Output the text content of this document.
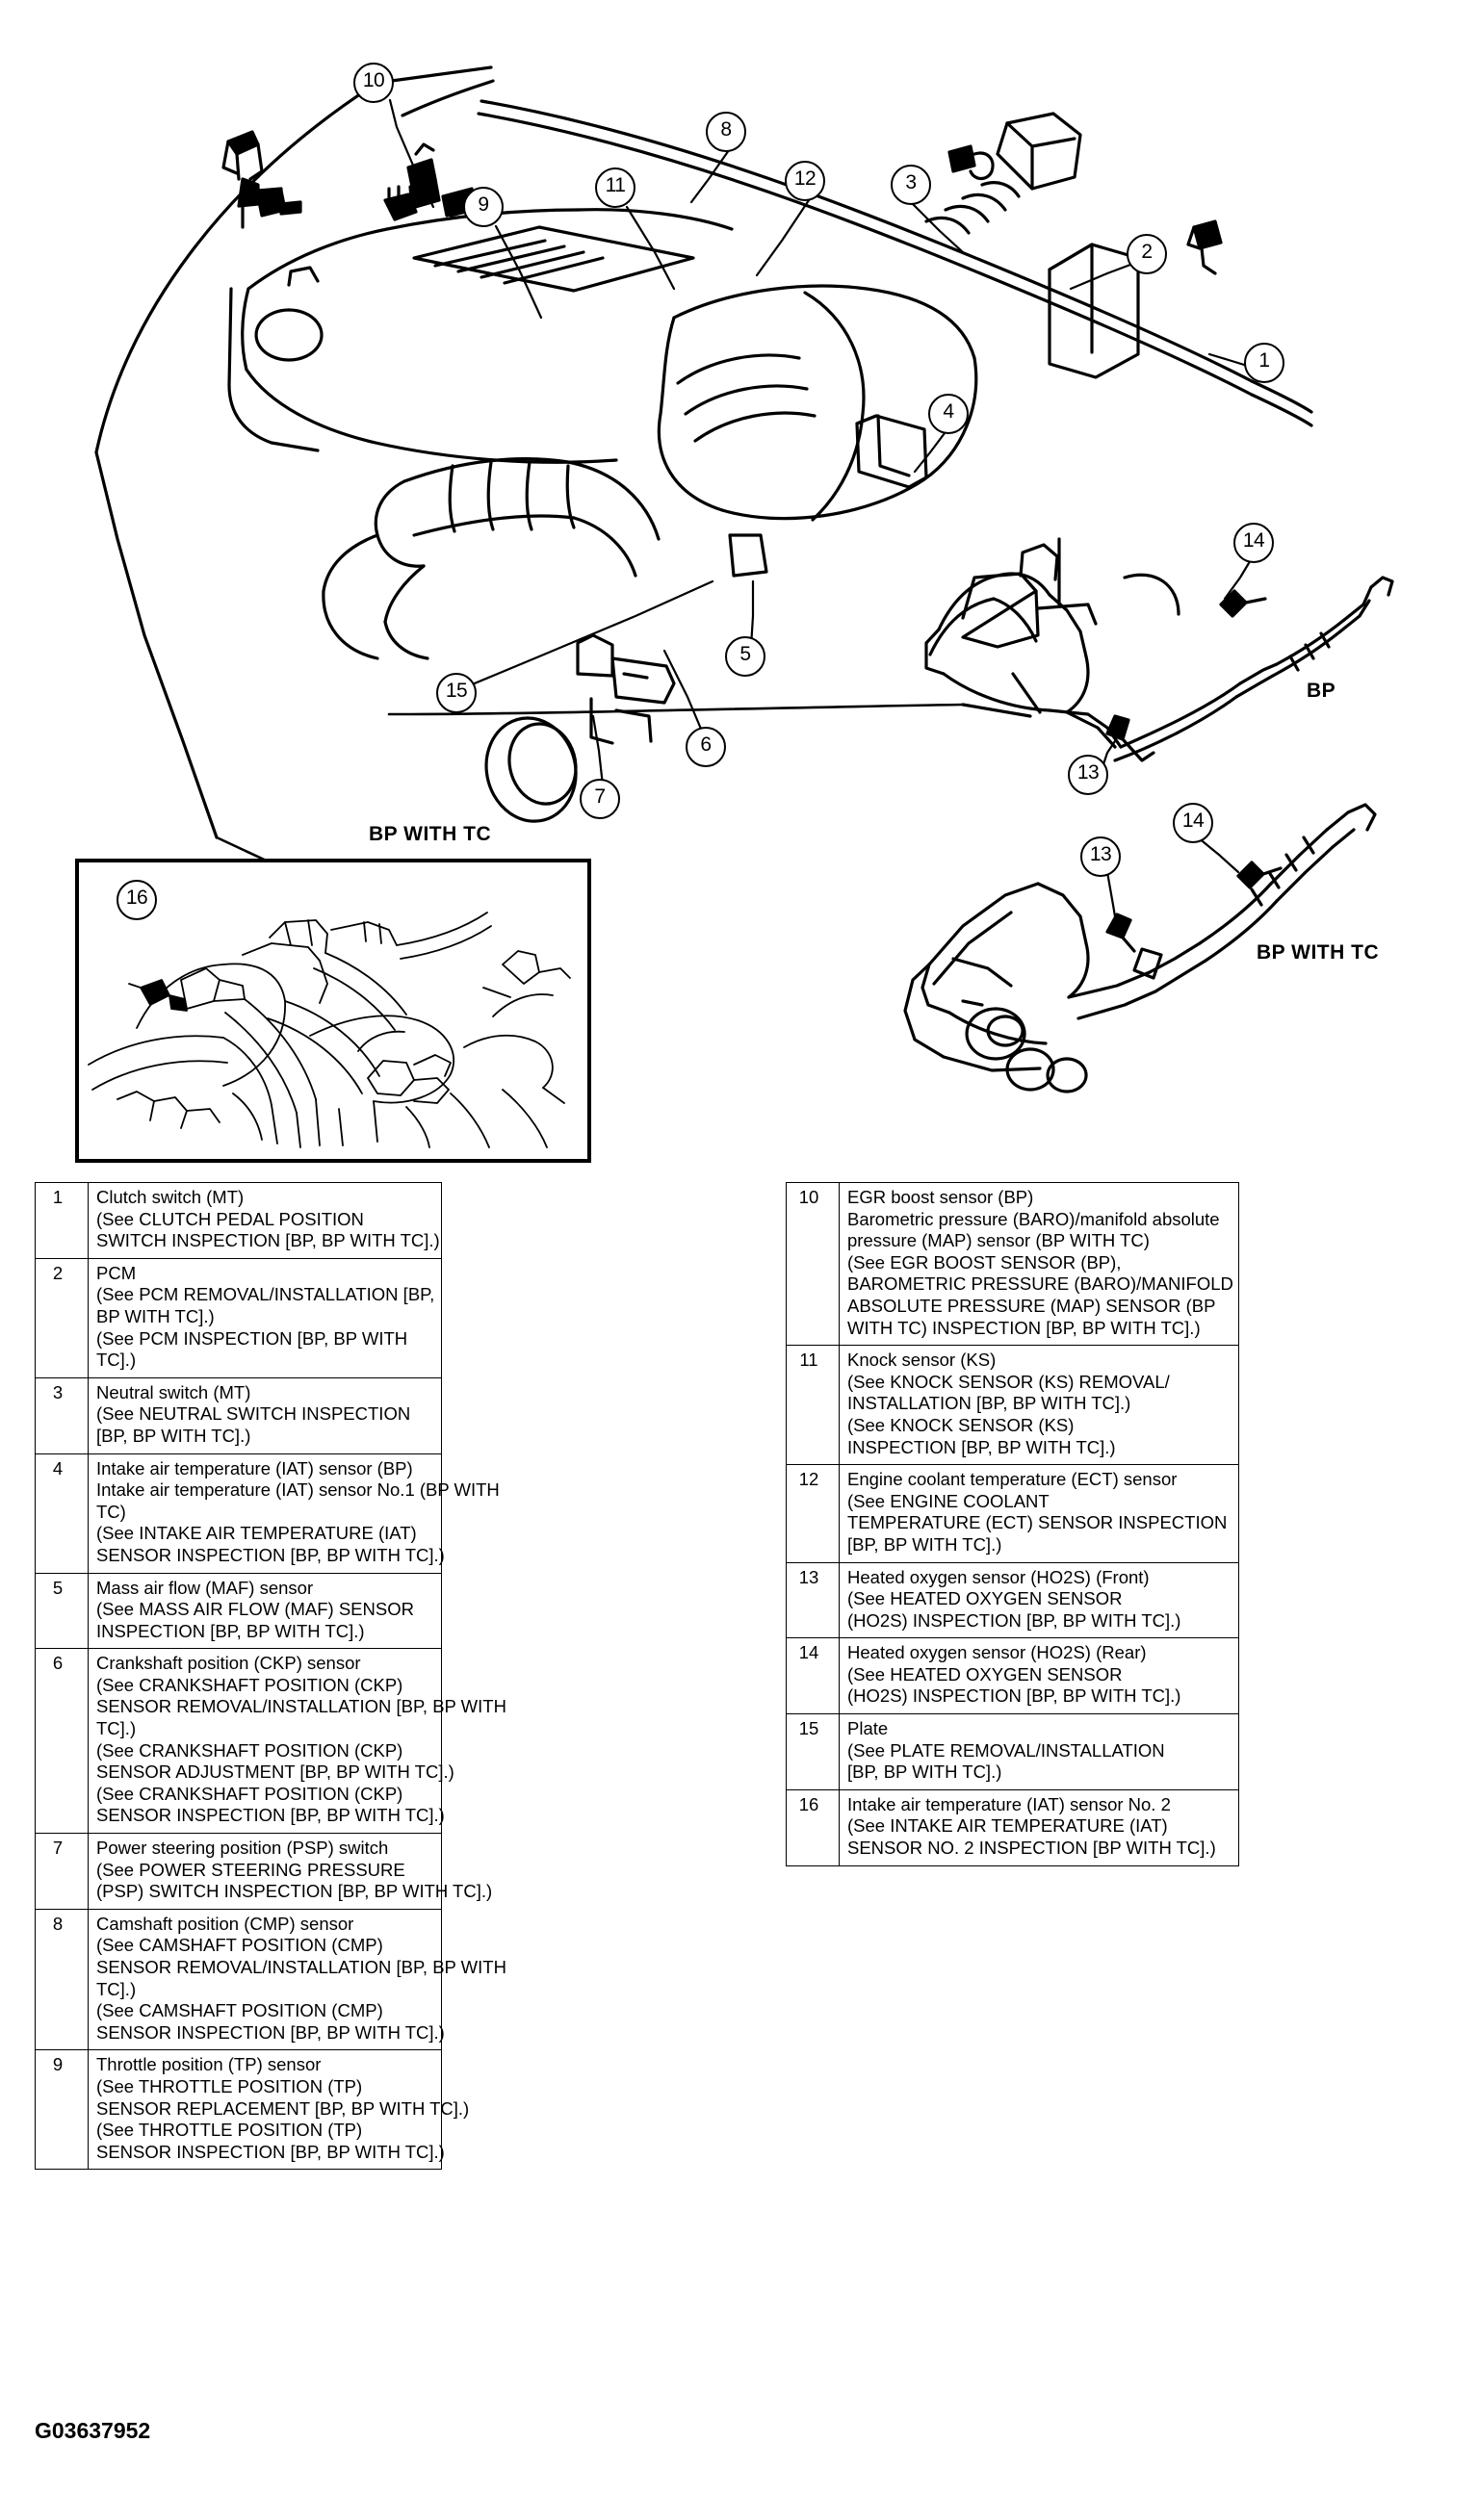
BP WITH TC
BP
BP WITH TC
10
9
11
8
12	3
2
1
4
5
15
6
7
14
13
14
13
16
1	Clutch switch (MT)
(See CLUTCH PEDAL POSITION
SWITCH INSPECTION [BP, BP WITH TC].)

2	PCM
(See PCM REMOVAL/INSTALLATION [BP,
BP WITH TC].)
(See PCM INSPECTION [BP, BP WITH
TC].)

3	Neutral switch (MT)
(See NEUTRAL SWITCH INSPECTION
[BP, BP WITH TC].)

4	Intake air temperature (IAT) sensor (BP)
Intake air temperature (IAT) sensor No.1 (BP WITH
TC)
(See INTAKE AIR TEMPERATURE (IAT)
SENSOR INSPECTION [BP, BP WITH TC].)

5	Mass air flow (MAF) sensor
(See MASS AIR FLOW (MAF) SENSOR
INSPECTION [BP, BP WITH TC].)

6	Crankshaft position (CKP) sensor
(See CRANKSHAFT POSITION (CKP)
SENSOR REMOVAL/INSTALLATION [BP, BP WITH
TC].)
(See CRANKSHAFT POSITION (CKP)
SENSOR ADJUSTMENT [BP, BP WITH TC].)
(See CRANKSHAFT POSITION (CKP)
SENSOR INSPECTION [BP, BP WITH TC].)

7	Power steering position (PSP) switch
(See POWER STEERING PRESSURE
(PSP) SWITCH INSPECTION [BP, BP WITH TC].)

8	Camshaft position (CMP) sensor
(See CAMSHAFT POSITION (CMP)
SENSOR REMOVAL/INSTALLATION [BP, BP WITH
TC].)
(See CAMSHAFT POSITION (CMP)
SENSOR INSPECTION [BP, BP WITH TC].)

9	Throttle position (TP) sensor
(See THROTTLE POSITION (TP)
SENSOR REPLACEMENT [BP, BP WITH TC].)
(See THROTTLE POSITION (TP)
SENSOR INSPECTION [BP, BP WITH TC].)
10	EGR boost sensor (BP)
Barometric pressure (BARO)/manifold absolute
pressure (MAP) sensor (BP WITH TC)
(See EGR BOOST SENSOR (BP),
BAROMETRIC PRESSURE (BARO)/MANIFOLD
ABSOLUTE PRESSURE (MAP) SENSOR (BP
WITH TC) INSPECTION [BP, BP WITH TC].)

11	Knock sensor (KS)
(See KNOCK SENSOR (KS) REMOVAL/
INSTALLATION [BP, BP WITH TC].)
(See KNOCK SENSOR (KS)
INSPECTION [BP, BP WITH TC].)

12	Engine coolant temperature (ECT) sensor
(See ENGINE COOLANT
TEMPERATURE (ECT) SENSOR INSPECTION
[BP, BP WITH TC].)

13	Heated oxygen sensor (HO2S) (Front)
(See HEATED OXYGEN SENSOR
(HO2S) INSPECTION [BP, BP WITH TC].)

14	Heated oxygen sensor (HO2S) (Rear)
(See HEATED OXYGEN SENSOR
(HO2S) INSPECTION [BP, BP WITH TC].)

15	Plate
(See PLATE REMOVAL/INSTALLATION
[BP, BP WITH TC].)

16	Intake air temperature (IAT) sensor No. 2
(See INTAKE AIR TEMPERATURE (IAT)
SENSOR NO. 2 INSPECTION [BP WITH TC].)
G03637952
